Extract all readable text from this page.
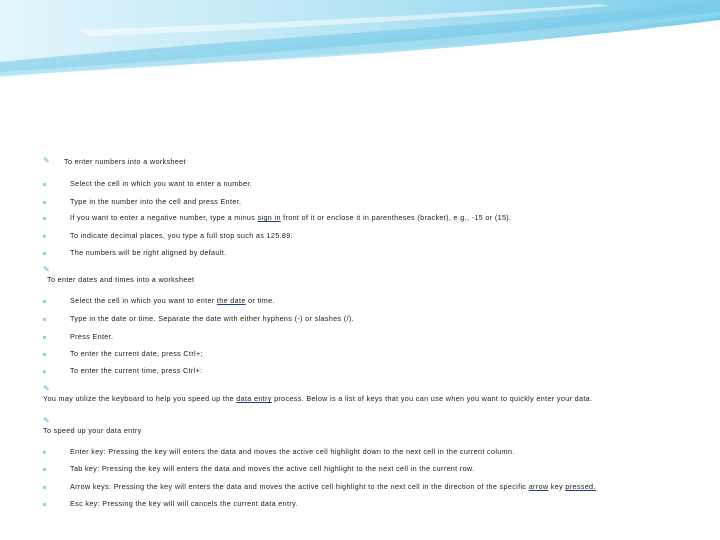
✎ To enter numbers into a worksheet
Select the cell in which you want to enter a number.
Type in the number into the cell and press Enter.
If you want to enter a negative number, type a minus sign in front of it or enclose it in parentheses (bracket), e.g., -15 or (15).
To indicate decimal places, you type a full stop such as 125.89.
The numbers will be right aligned by default.
✎
To enter dates and times into a worksheet
Select the cell in which you want to enter the date or time.
Type in the date or time. Separate the date with either hyphens (-) or slashes (/).
Press Enter.
To enter the current date, press Ctrl+;
To enter the current time, press Ctrl+:
✎
You may utilize the keyboard to help you speed up the data entry process. Below is a list of keys that you can use when you want to quickly enter your data.
✎
To speed up your data entry
Enter key: Pressing the key will enters the data and moves the active cell highlight down to the next cell in the current column.
Tab key: Pressing the key will enters the data and moves the active cell highlight to the next cell in the current row.
Arrow keys: Pressing the key will enters the data and moves the active cell highlight to the next cell in the direction of the specific arrow key pressed.
Esc key: Pressing the key will will cancels the current data entry.
